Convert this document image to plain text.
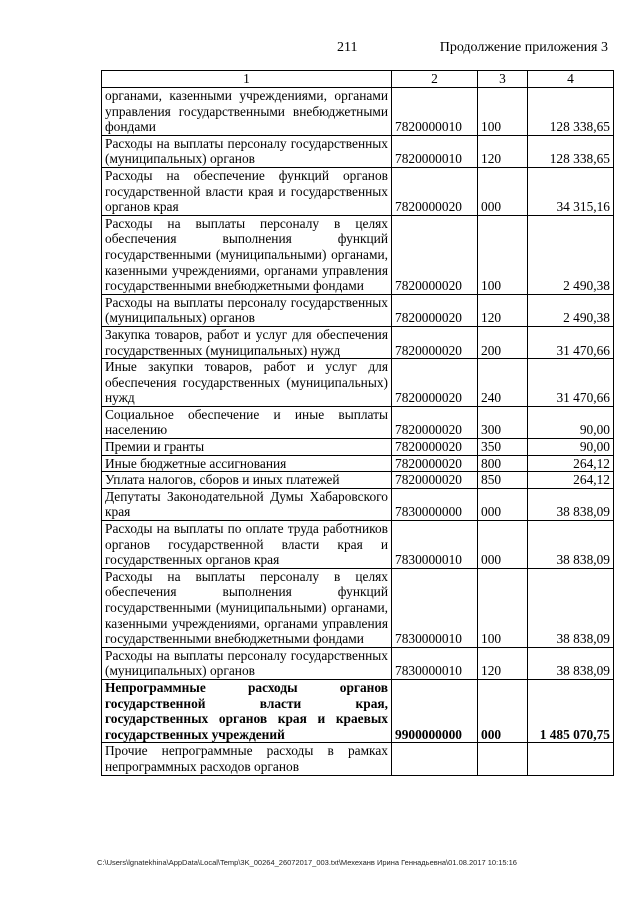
211	Продолжение приложения 3
1	2	3	4
органами, казенными учреждениями, органами управления государственными внебюджетными фондами	7820000010	100	128 338,65
Расходы на выплаты персоналу государственных (муниципальных) органов	7820000010	120	128 338,65
Расходы на обеспечение функций органов государственной власти края и государственных органов края	7820000020	000	34 315,16
Расходы на выплаты персоналу в целях обеспечения выполнения функций государственными (муниципальными) органами, казенными учреждениями, органами управления государственными внебюджетными фондами	7820000020	100	2 490,38
Расходы на выплаты персоналу государственных (муниципальных) органов	7820000020	120	2 490,38
Закупка товаров, работ и услуг для обеспечения государственных (муниципальных) нужд	7820000020	200	31 470,66
Иные закупки товаров, работ и услуг для обеспечения государственных (муниципальных) нужд	7820000020	240	31 470,66
Социальное обеспечение и иные выплаты населению	7820000020	300	90,00
Премии и гранты	7820000020	350	90,00
Иные бюджетные ассигнования	7820000020	800	264,12
Уплата налогов, сборов и иных платежей	7820000020	850	264,12
Депутаты Законодательной Думы Хабаровского края	7830000000	000	38 838,09
Расходы на выплаты по оплате труда работников органов государственной власти края и государственных органов края	7830000010	000	38 838,09
Расходы на выплаты персоналу в целях обеспечения выполнения функций государственными (муниципальными) органами, казенными учреждениями, органами управления государственными внебюджетными фондами	7830000010	100	38 838,09
Расходы на выплаты персоналу государственных (муниципальных) органов	7830000010	120	38 838,09
Непрограммные расходы органов государственной власти края, государственных органов края и краевых государственных учреждений	9900000000	000	1 485 070,75
Прочие непрограммные расходы в рамках непрограммных расходов органов			
C:\Users\lgnatekhina\AppData\Local\Temp\3K_00264_26072017_003.txt\Мехеханв Ирина Геннадьевна\01.08.2017 10:15:16
